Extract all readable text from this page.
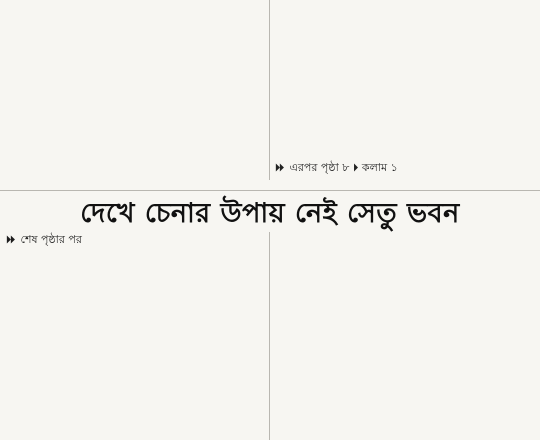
⏵⏵ এরপর পৃষ্ঠা ৮ ⏵ কলাম ১
দেখে চেনার উপায় নেই সেতু ভবন
⏵⏵ শেষ পৃষ্ঠার পর
